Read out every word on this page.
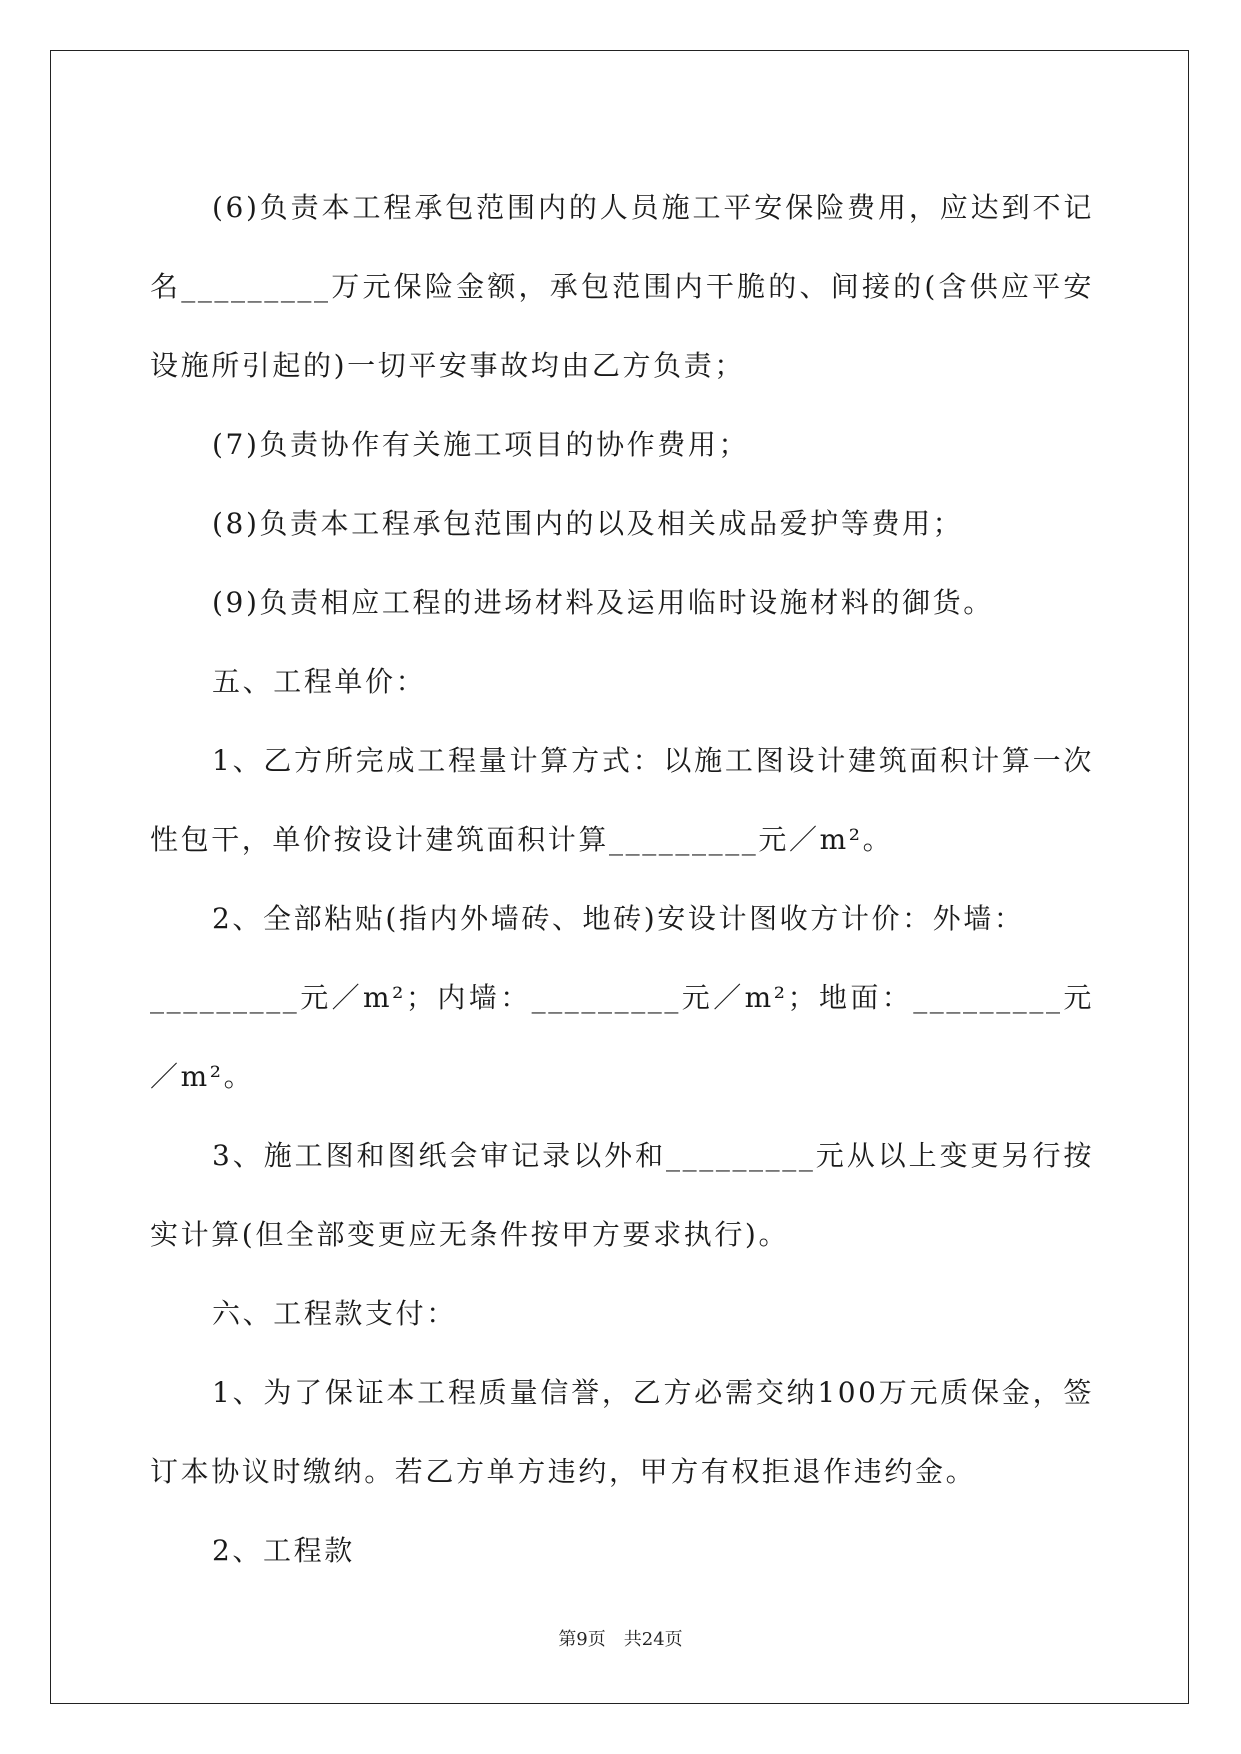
(6)负责本工程承包范围内的人员施工平安保险费用，应达到不记名_________万元保险金额，承包范围内干脆的、间接的(含供应平安设施所引起的)一切平安事故均由乙方负责；

(7)负责协作有关施工项目的协作费用；

(8)负责本工程承包范围内的以及相关成品爱护等费用；

(9)负责相应工程的进场材料及运用临时设施材料的御货。

五、工程单价：

1、乙方所完成工程量计算方式：以施工图设计建筑面积计算一次性包干，单价按设计建筑面积计算_________元／m²。

2、全部粘贴(指内外墙砖、地砖)安设计图收方计价：外墙：

_________元／m²；内墙：_________元／m²；地面：_________元／m²。

3、施工图和图纸会审记录以外和_________元从以上变更另行按实计算(但全部变更应无条件按甲方要求执行)。

六、工程款支付：

1、为了保证本工程质量信誉，乙方必需交纳100万元质保金，签订本协议时缴纳。若乙方单方违约，甲方有权拒退作违约金。

2、工程款

第9页　共24页
